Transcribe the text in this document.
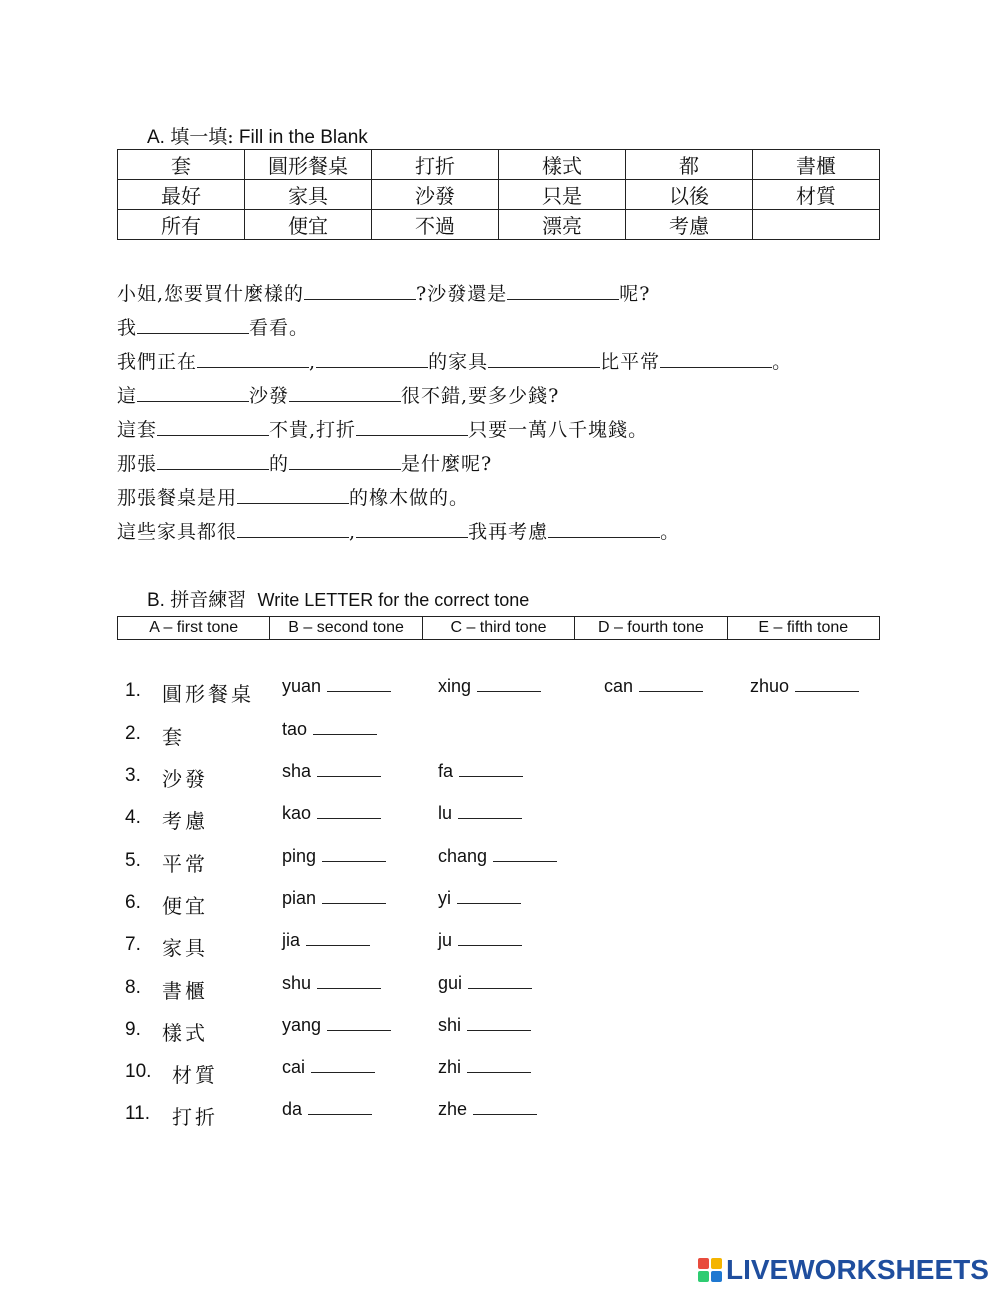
A. 填一填: Fill in the Blank
套	圓形餐桌	打折	樣式	都	書櫃
最好	家具	沙發	只是	以後	材質
所有	便宜	不過	漂亮	考慮	
小姐,您要買什麼樣的	?沙發還是	呢?
我	看看。
我們正在	,	的家具	比平常	。
這	沙發	很不錯,要多少錢?
這套	不貴,打折	只要一萬八千塊錢。
那張	的	是什麼呢?
那張餐桌是用	的橡木做的。
這些家具都很	,	我再考慮	。
B. 拼音練習 Write LETTER for the correct tone
A – first tone	B – second tone	C – third tone	D – fourth tone	E – fifth tone
1. 圓形餐桌 yuan	xing	can	zhuo
2. 套	tao
3. 沙發	sha	fa
4. 考慮	kao	lu
5. 平常	ping	chang
6. 便宜	pian	yi
7. 家具	jia	ju
8. 書櫃	shu	gui
9. 樣式	yang	shi
10. 材質	cai	zhi
11. 打折	da	zhe
LIVEWORKSHEETS
